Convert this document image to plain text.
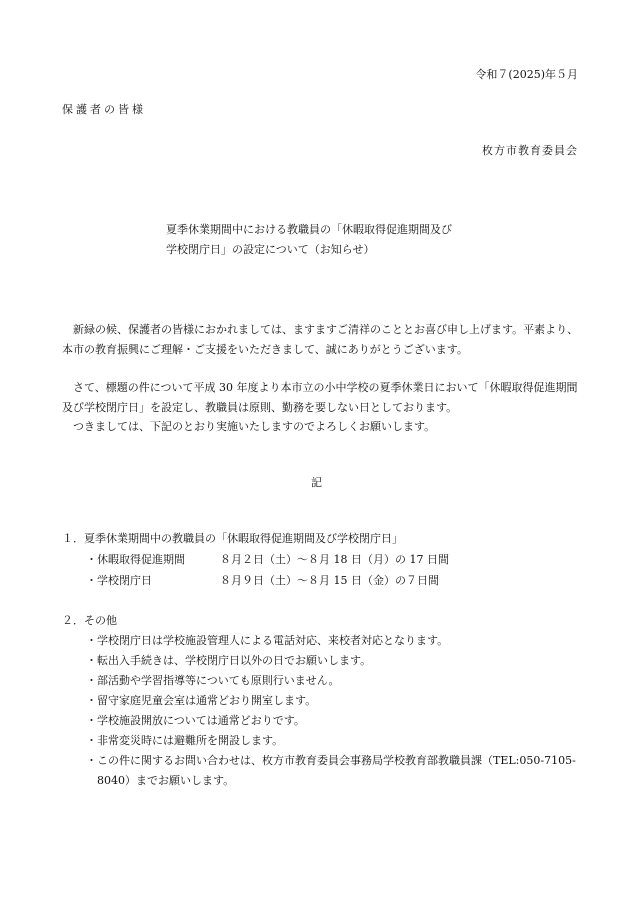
令和７(2025)年５月
保護者の皆様
枚方市教育委員会
夏季休業期間中における教職員の「休暇取得促進期間及び
学校閉庁日」の設定について（お知らせ）
新緑の候、保護者の皆様におかれましては、ますますご清祥のこととお喜び申し上げます。平素より、本市の教育振興にご理解・ご支援をいただきまして、誠にありがとうございます。
さて、標題の件について平成 30 年度より本市立の小中学校の夏季休業日において「休暇取得促進期間及び学校閉庁日」を設定し、教職員は原則、勤務を要しない日としております。
つきましては、下記のとおり実施いたしますのでよろしくお願いします。
記
１．夏季休業期間中の教職員の「休暇取得促進期間及び学校閉庁日」
・休暇取得促進期間	８月２日（土）～８月 18 日（月）の 17 日間
・学校閉庁日	８月９日（土）～８月 15 日（金）の７日間
２．その他
・学校閉庁日は学校施設管理人による電話対応、来校者対応となります。
・転出入手続きは、学校閉庁日以外の日でお願いします。
・部活動や学習指導等についても原則行いません。
・留守家庭児童会室は通常どおり開室します。
・学校施設開放については通常どおりです。
・非常変災時には避難所を開設します。
・この件に関するお問い合わせは、枚方市教育委員会事務局学校教育部教職員課（TEL:050-7105-8040）までお願いします。
